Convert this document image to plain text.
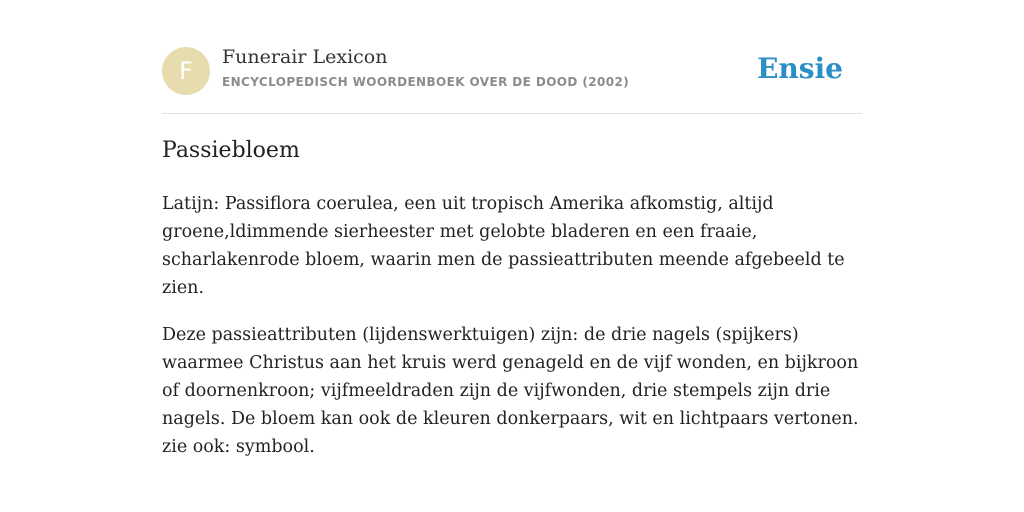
F	Funerair Lexicon
ENCYCLOPEDISCH WOORDENBOEK OVER DE DOOD (2002)	Ensie
Passiebloem

Latijn: Passiflora coerulea, een uit tropisch Amerika afkomstig, altijd groene,ldimmende sierheester met gelobte bladeren en een fraaie, scharlakenrode bloem, waarin men de passieattributen meende afgebeeld te zien.

Deze passieattributen (lijdenswerktuigen) zijn: de drie nagels (spijkers) waarmee Christus aan het kruis werd genageld en de vijf wonden, en bijkroon of doornenkroon; vijfmeeldraden zijn de vijfwonden, drie stempels zijn drie nagels. De bloem kan ook de kleuren donkerpaars, wit en lichtpaars vertonen. zie ook: symbool.
